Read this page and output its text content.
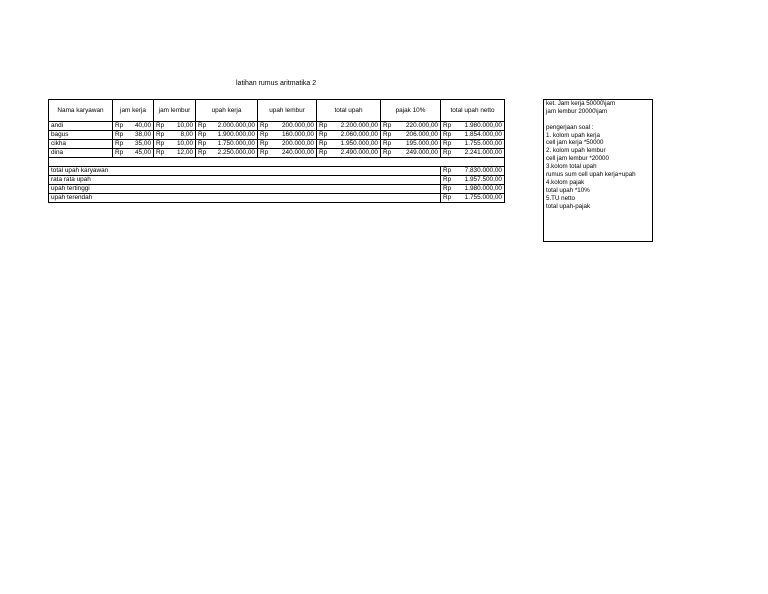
latihan rumus aritmatika 2
Nama karyawan	jam kerja	jam lembur	upah kerja	upah lembur	total upah	pajak 10%	total upah netto
andi	Rp 40,00	Rp 10,00	Rp 2.000.000,00	Rp 200.000,00	Rp 2.200.000,00	Rp 220.000,00	Rp 1.980.000,00

bagus	Rp 38,00	Rp 8,00	Rp 1.900.000,00	Rp 160.000,00	Rp 2.060.000,00	Rp 206.000,00	Rp 1.854.000,00

cikha	Rp 35,00	Rp 10,00	Rp 1.750.000,00	Rp 200.000,00	Rp 1.950.000,00	Rp 195.000,00	Rp 1.755.000,00

dina	Rp 45,00	Rp 12,00	Rp 2.250.000,00	Rp 240.000,00	Rp 2.490.000,00	Rp 249.000,00	Rp 2.241.000,00

total upah karyawan							Rp 7.830.000,00

rata rata upah							Rp 1.957.500,00

upah tertinggi							Rp 1.980.000,00

upah terendah							Rp 1.755.000,00
ket. Jam kerja 50000\jam
jam lembur 20000\jam
pengerjaan soal :
1. kolom upah kerja
cell jam kerja *50000
2. kolom upah lembur
cell jam lembur *20000
3.kolom total upah
rumus sum cell upah kerja+upah
4.kolom pajak
total upah *10%
5.TU netto
total upah-pajak
